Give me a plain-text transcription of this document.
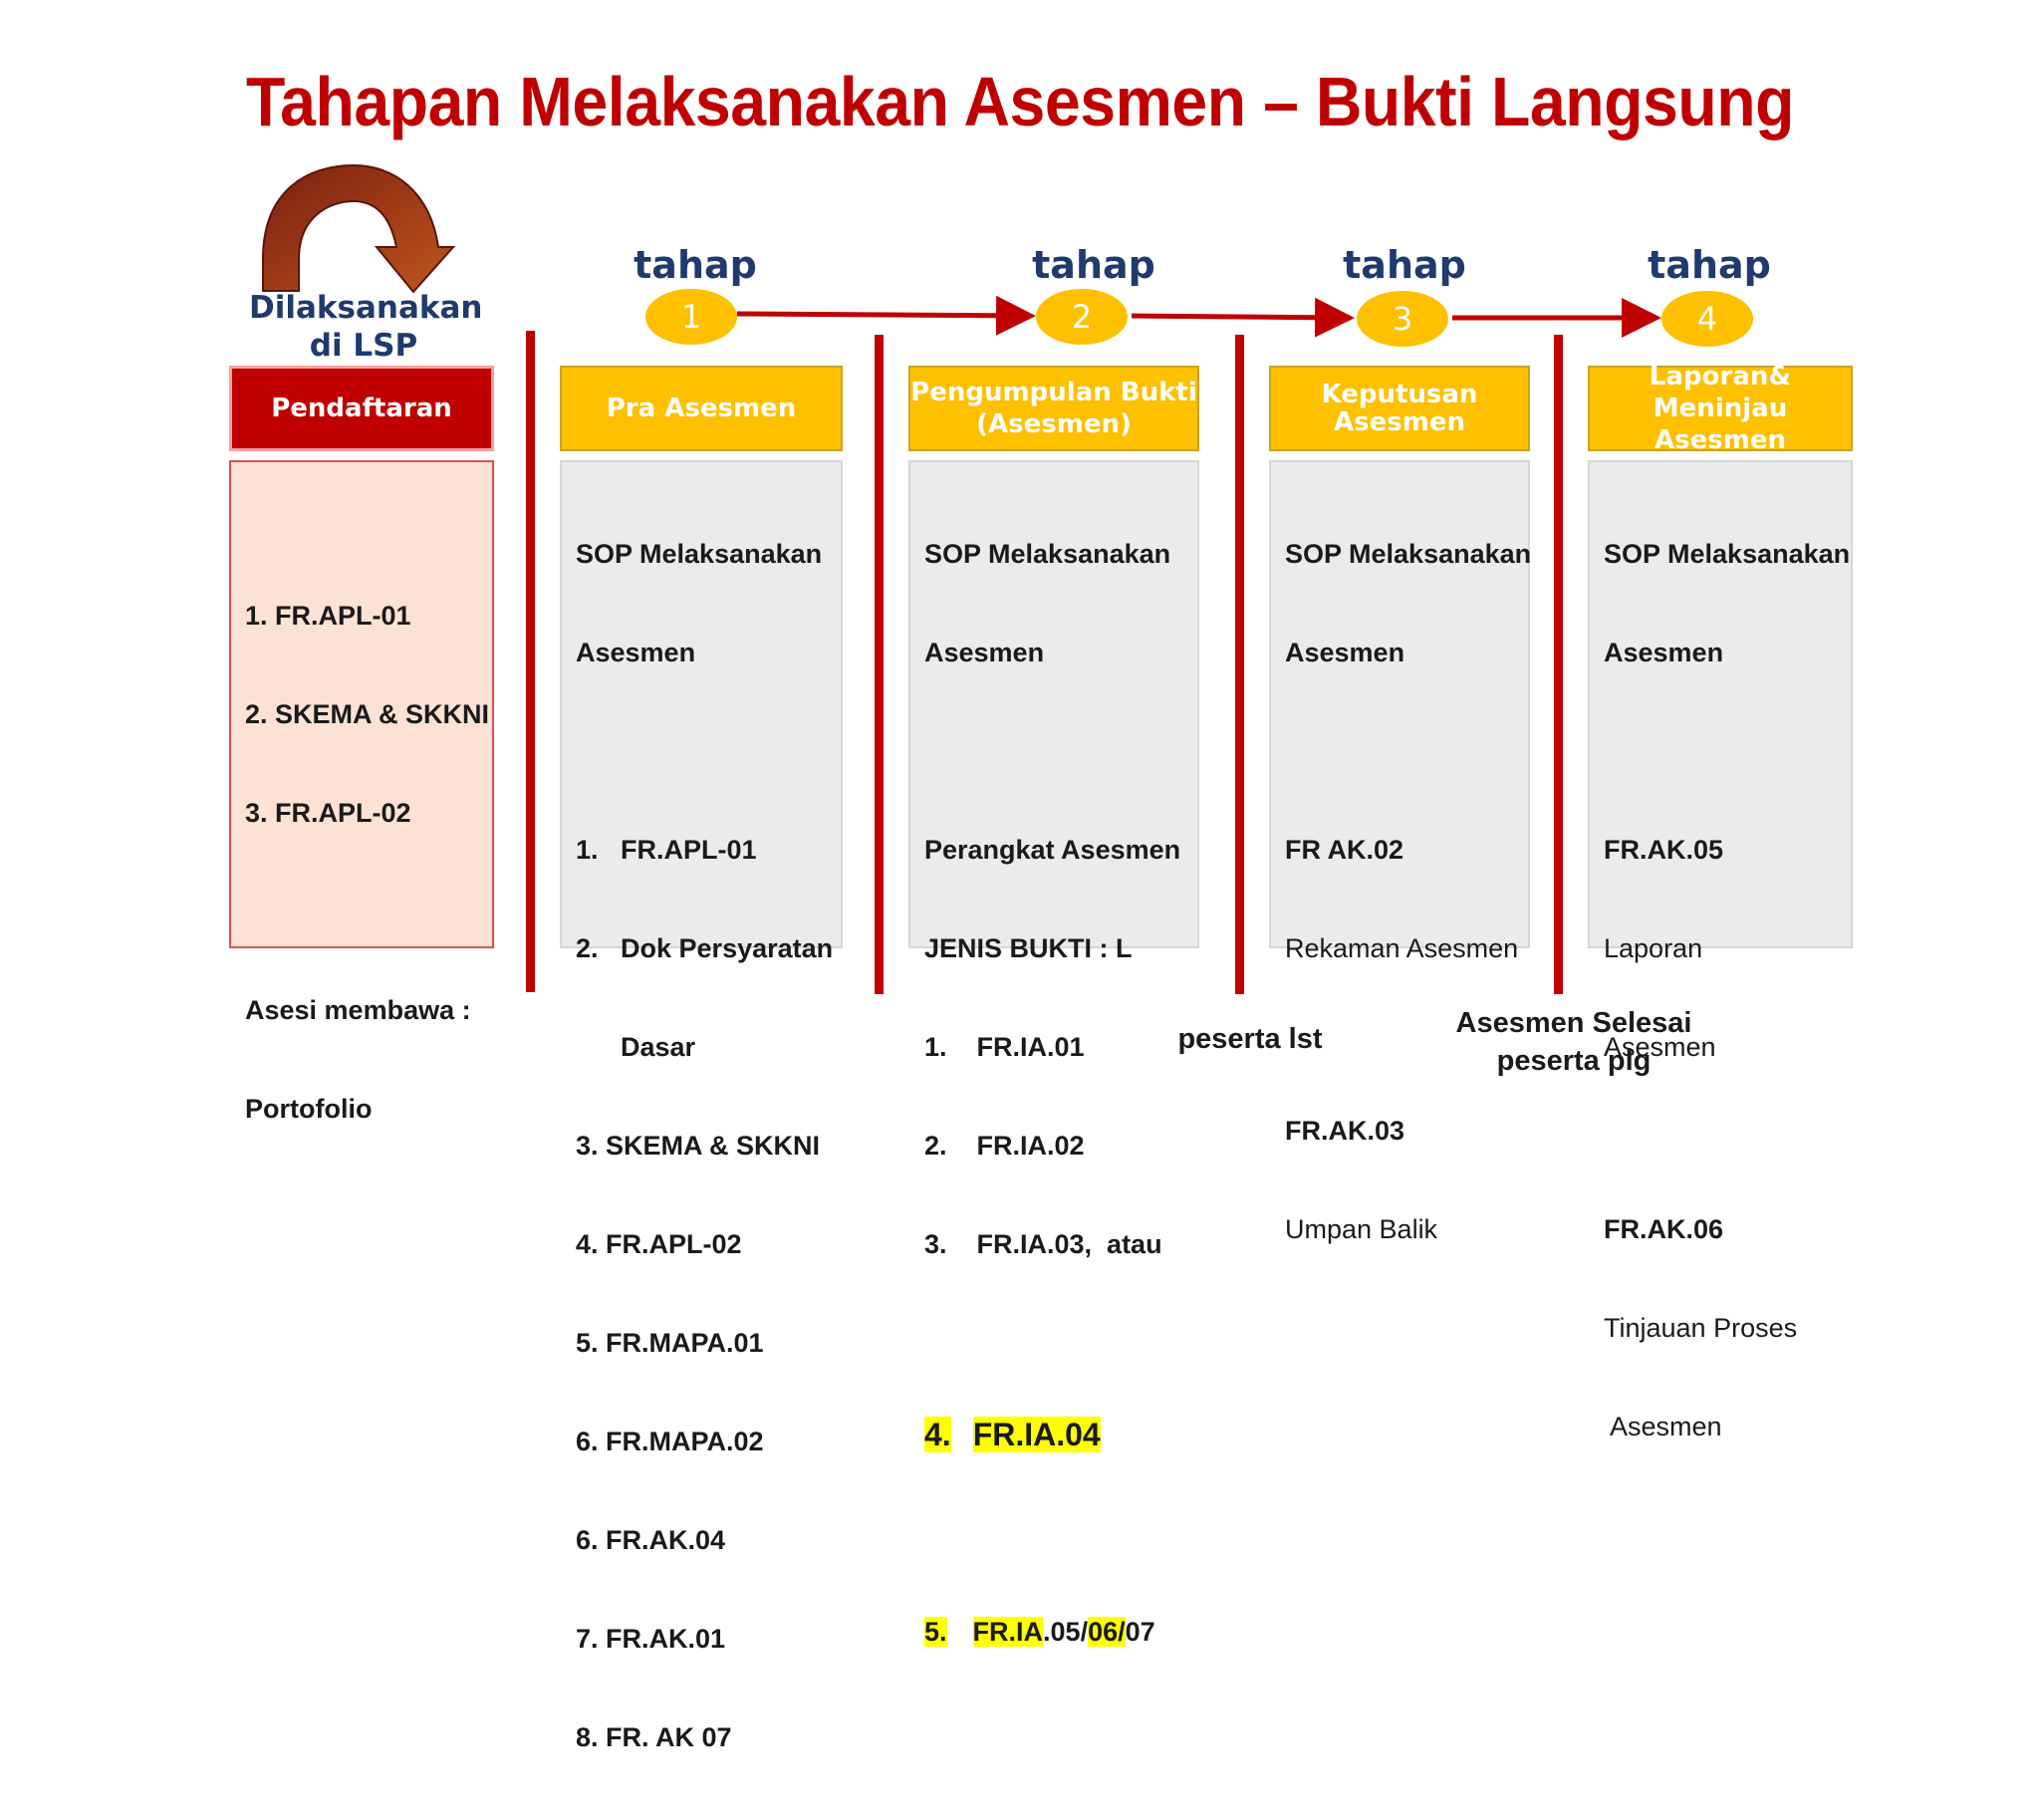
Tahapan Melaksanakan Asesmen – Bukti Langsung
Dilaksanakan
di LSP
tahap	tahap	tahap	tahap
1	2	3	4
Pendaftaran	Pra Asesmen
Pengumpulan Bukti
(Asesmen)
Keputusan
Asesmen
Laporan&
Meninjau Asesmen

1. FR.APL-01

2. SKEMA & SKKNI

3. FR.APL-02

Asesi membawa :

Portofolio

SOP Melaksanakan

Asesmen

1.   FR.APL-01

2.   Dok Persyaratan

Dasar

3. SKEMA & SKKNI

4. FR.APL-02

5. FR.MAPA.01

6. FR.MAPA.02

6. FR.AK.04

7. FR.AK.01

8. FR. AK 07

SOP Melaksanakan

Asesmen

Perangkat Asesmen

JENIS BUKTI : L

1.    FR.IA.01

2.    FR.IA.02

3.    FR.IA.03,  atau

4. FR.IA.04

5. FR.IA.05/06/07

SOP Melaksanakan

Asesmen

FR AK.02

Rekaman Asesmen

FR.AK.03

Umpan Balik

SOP Melaksanakan

Asesmen

FR.AK.05

Laporan

Asesmen

FR.AK.06

Tinjauan Proses

Asesmen

peserta lst	Asesmen Selesai
peserta plg
